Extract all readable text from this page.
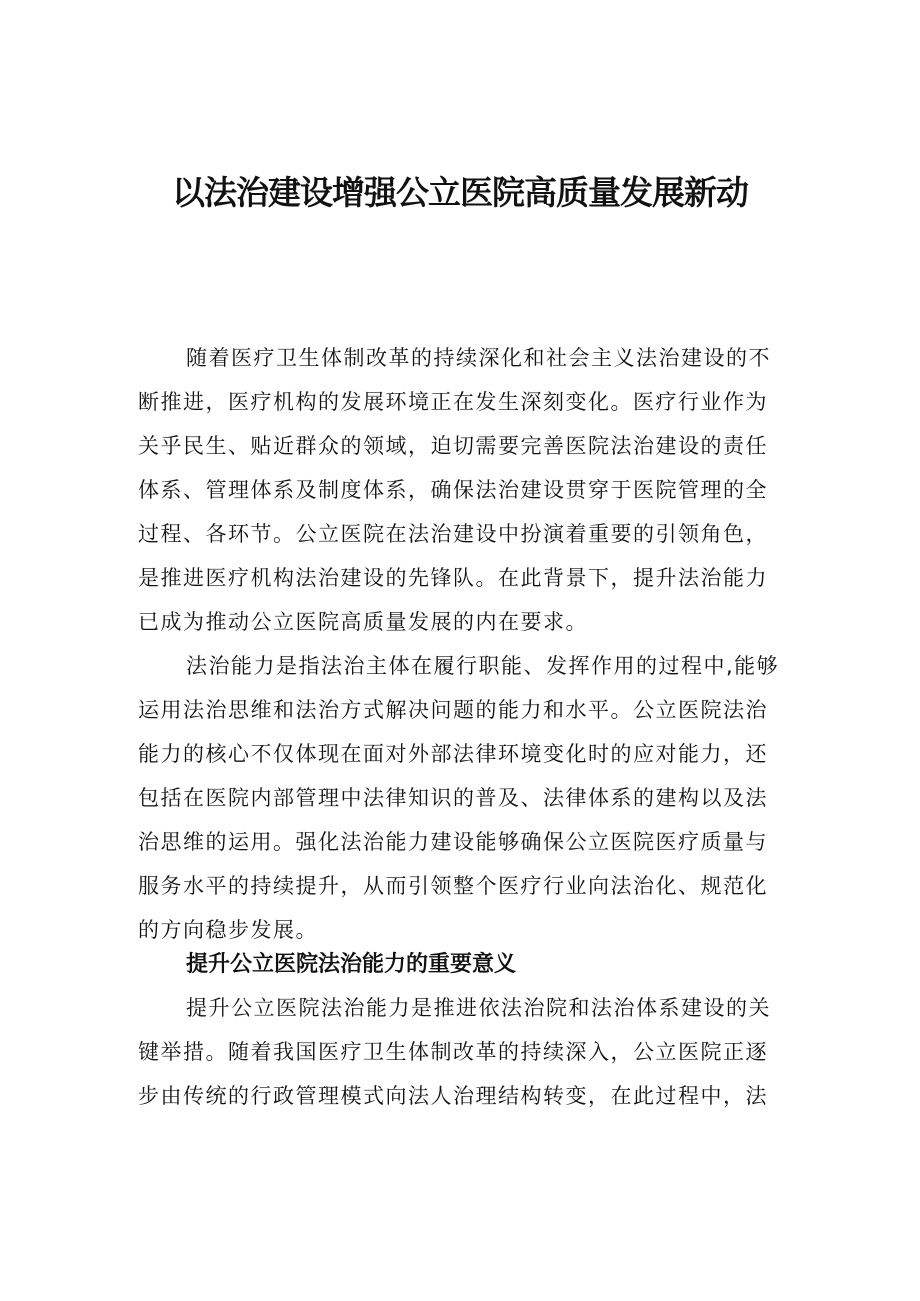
以法治建设增强公立医院高质量发展新动

随着医疗卫生体制改革的持续深化和社会主义法治建设的不

断推进，医疗机构的发展环境正在发生深刻变化。医疗行业作为

关乎民生、贴近群众的领域，迫切需要完善医院法治建设的责任

体系、管理体系及制度体系，确保法治建设贯穿于医院管理的全

过程、各环节。公立医院在法治建设中扮演着重要的引领角色，

是推进医疗机构法治建设的先锋队。在此背景下，提升法治能力

已成为推动公立医院高质量发展的内在要求。

法治能力是指法治主体在履行职能、发挥作用的过程中,能够

运用法治思维和法治方式解决问题的能力和水平。公立医院法治

能力的核心不仅体现在面对外部法律环境变化时的应对能力，还

包括在医院内部管理中法律知识的普及、法律体系的建构以及法

治思维的运用。强化法治能力建设能够确保公立医院医疗质量与

服务水平的持续提升，从而引领整个医疗行业向法治化、规范化

的方向稳步发展。

提升公立医院法治能力的重要意义

提升公立医院法治能力是推进依法治院和法治体系建设的关

键举措。随着我国医疗卫生体制改革的持续深入，公立医院正逐

步由传统的行政管理模式向法人治理结构转变，在此过程中，法
